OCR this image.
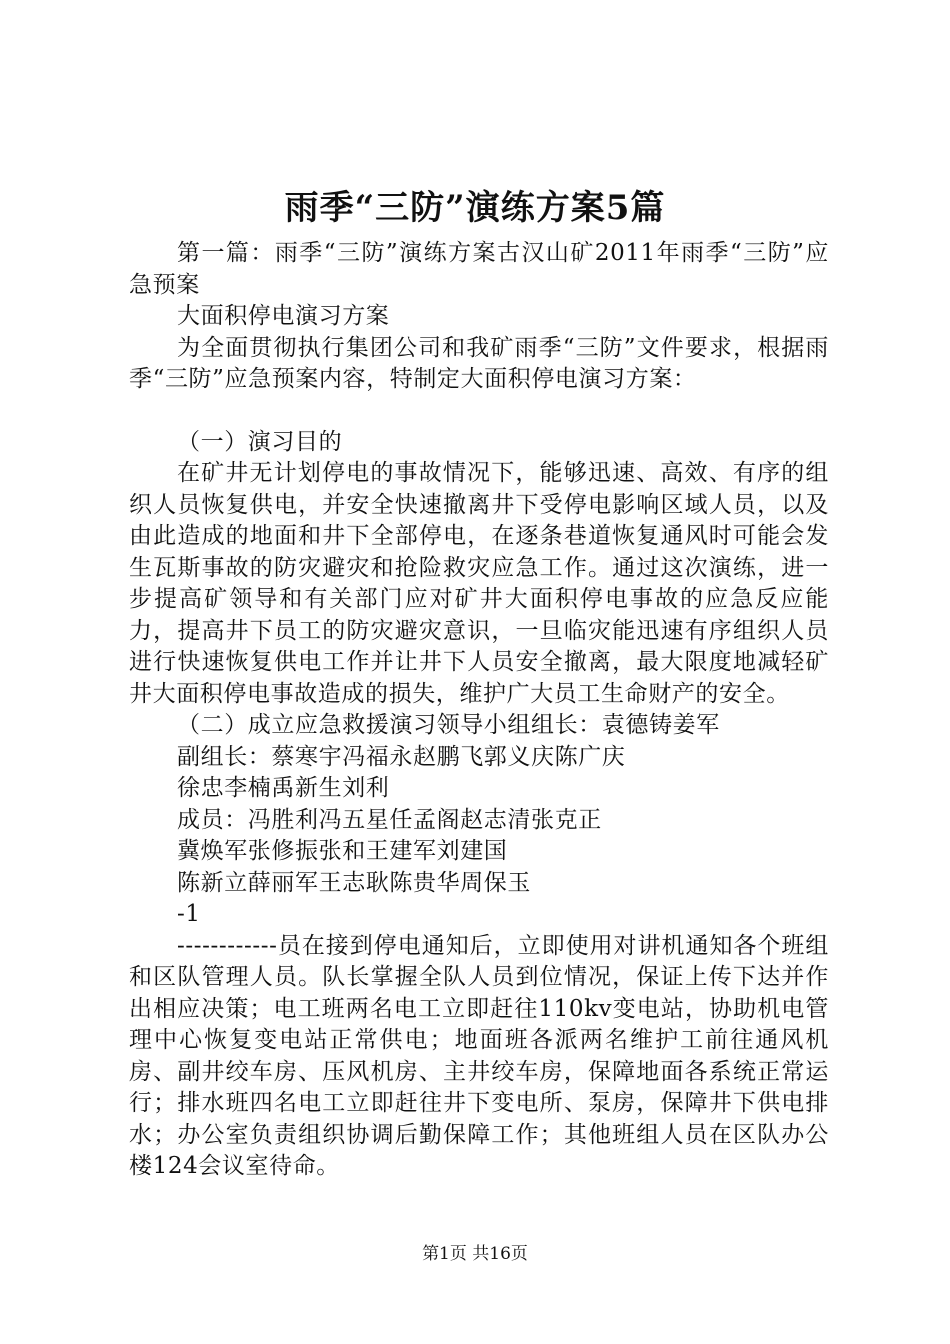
雨季“三防”演练方案5篇

第一篇：雨季“三防”演练方案古汉山矿2011年雨季“三防”应急预案

大面积停电演习方案

为全面贯彻执行集团公司和我矿雨季“三防”文件要求，根据雨季“三防”应急预案内容，特制定大面积停电演习方案：

（一）演习目的

在矿井无计划停电的事故情况下，能够迅速、高效、有序的组织人员恢复供电，并安全快速撤离井下受停电影响区域人员，以及由此造成的地面和井下全部停电，在逐条巷道恢复通风时可能会发生瓦斯事故的防灾避灾和抢险救灾应急工作。通过这次演练，进一步提高矿领导和有关部门应对矿井大面积停电事故的应急反应能力，提高井下员工的防灾避灾意识，一旦临灾能迅速有序组织人员进行快速恢复供电工作并让井下人员安全撤离，最大限度地减轻矿井大面积停电事故造成的损失，维护广大员工生命财产的安全。

（二）成立应急救援演习领导小组组长：袁德铸姜军

副组长：蔡寒宇冯福永赵鹏飞郭义庆陈广庆

徐忠李楠禹新生刘利

成员：冯胜利冯五星任孟阁赵志清张克正

冀焕军张修振张和王建军刘建国

陈新立薛丽军王志耿陈贵华周保玉

-1

------------员在接到停电通知后，立即使用对讲机通知各个班组和区队管理人员。队长掌握全队人员到位情况，保证上传下达并作出相应决策；电工班两名电工立即赶往110kv变电站，协助机电管理中心恢复变电站正常供电；地面班各派两名维护工前往通风机房、副井绞车房、压风机房、主井绞车房，保障地面各系统正常运行；排水班四名电工立即赶往井下变电所、泵房，保障井下供电排水；办公室负责组织协调后勤保障工作；其他班组人员在区队办公楼124会议室待命。

第1页 共16页
